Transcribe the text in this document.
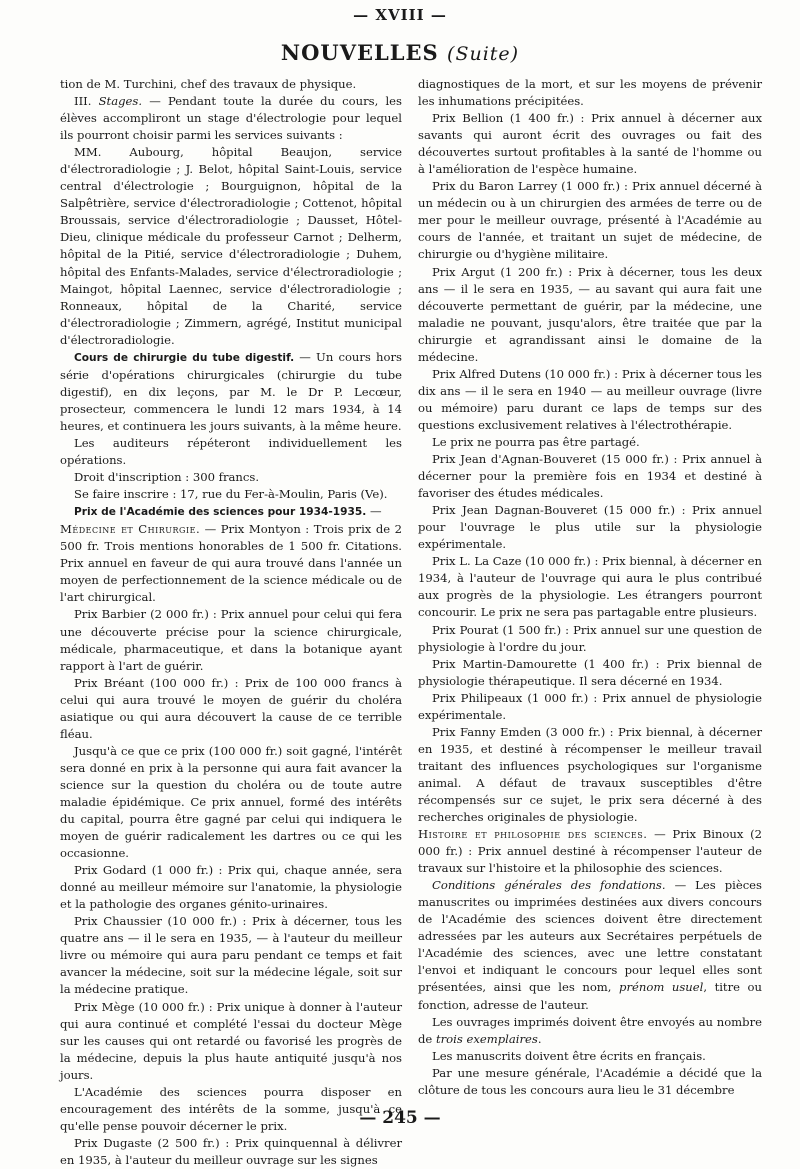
— XVIII —
NOUVELLES (Suite)

tion de M. Turchini, chef des travaux de physique.

III. Stages. — Pendant toute la durée du cours, les élèves accompliront un stage d'électrologie pour lequel ils pourront choisir parmi les services suivants :

MM. Aubourg, hôpital Beaujon, service d'électroradiologie ; J. Belot, hôpital Saint-Louis, service central d'électrologie ; Bourguignon, hôpital de la Salpêtrière, service d'électroradiologie ; Cottenot, hôpital Broussais, service d'électroradiologie ; Dausset, Hôtel-Dieu, clinique médicale du professeur Carnot ; Delherm, hôpital de la Pitié, service d'électroradiologie ; Duhem, hôpital des Enfants-Malades, service d'électroradiologie ; Maingot, hôpital Laennec, service d'électroradiologie ; Ronneaux, hôpital de la Charité, service d'électroradiologie ; Zimmern, agrégé, Institut municipal d'électroradiologie.

Cours de chirurgie du tube digestif. — Un cours hors série d'opérations chirurgicales (chirurgie du tube digestif), en dix leçons, par M. le Dr P. Lecœur, prosecteur, commencera le lundi 12 mars 1934, à 14 heures, et continuera les jours suivants, à la même heure.

Les auditeurs répéteront individuellement les opérations.

Droit d'inscription : 300 francs.

Se faire inscrire : 17, rue du Fer-à-Moulin, Paris (Ve).

Prix de l'Académie des sciences pour 1934-1935. —

Médecine et Chirurgie. — Prix Montyon : Trois prix de 2 500 fr. Trois mentions honorables de 1 500 fr. Citations. Prix annuel en faveur de qui aura trouvé dans l'année un moyen de perfectionnement de la science médicale ou de l'art chirurgical.

Prix Barbier (2 000 fr.) : Prix annuel pour celui qui fera une découverte précise pour la science chirurgicale, médicale, pharmaceutique, et dans la botanique ayant rapport à l'art de guérir.

Prix Bréant (100 000 fr.) : Prix de 100 000 francs à celui qui aura trouvé le moyen de guérir du choléra asiatique ou qui aura découvert la cause de ce terrible fléau.

Jusqu'à ce que ce prix (100 000 fr.) soit gagné, l'intérêt sera donné en prix à la personne qui aura fait avancer la science sur la question du choléra ou de toute autre maladie épidémique. Ce prix annuel, formé des intérêts du capital, pourra être gagné par celui qui indiquera le moyen de guérir radicalement les dartres ou ce qui les occasionne.

Prix Godard (1 000 fr.) : Prix qui, chaque année, sera donné au meilleur mémoire sur l'anatomie, la physiologie et la pathologie des organes génito-urinaires.

Prix Chaussier (10 000 fr.) : Prix à décerner, tous les quatre ans — il le sera en 1935, — à l'auteur du meilleur livre ou mémoire qui aura paru pendant ce temps et fait avancer la médecine, soit sur la médecine légale, soit sur la médecine pratique.

Prix Mège (10 000 fr.) : Prix unique à donner à l'auteur qui aura continué et complété l'essai du docteur Mège sur les causes qui ont retardé ou favorisé les progrès de la médecine, depuis la plus haute antiquité jusqu'à nos jours.

L'Académie des sciences pourra disposer en encouragement des intérêts de la somme, jusqu'à ce qu'elle pense pouvoir décerner le prix.

Prix Dugaste (2 500 fr.) : Prix quinquennal à délivrer en 1935, à l'auteur du meilleur ouvrage sur les signes

diagnostiques de la mort, et sur les moyens de prévenir les inhumations précipitées.

Prix Bellion (1 400 fr.) : Prix annuel à décerner aux savants qui auront écrit des ouvrages ou fait des découvertes surtout profitables à la santé de l'homme ou à l'amélioration de l'espèce humaine.

Prix du Baron Larrey (1 000 fr.) : Prix annuel décerné à un médecin ou à un chirurgien des armées de terre ou de mer pour le meilleur ouvrage, présenté à l'Académie au cours de l'année, et traitant un sujet de médecine, de chirurgie ou d'hygiène militaire.

Prix Argut (1 200 fr.) : Prix à décerner, tous les deux ans — il le sera en 1935, — au savant qui aura fait une découverte permettant de guérir, par la médecine, une maladie ne pouvant, jusqu'alors, être traitée que par la chirurgie et agrandissant ainsi le domaine de la médecine.

Prix Alfred Dutens (10 000 fr.) : Prix à décerner tous les dix ans — il le sera en 1940 — au meilleur ouvrage (livre ou mémoire) paru durant ce laps de temps sur des questions exclusivement relatives à l'électrothérapie.

Le prix ne pourra pas être partagé.

Prix Jean d'Agnan-Bouveret (15 000 fr.) : Prix annuel à décerner pour la première fois en 1934 et destiné à favoriser des études médicales.

Prix Jean Dagnan-Bouveret (15 000 fr.) : Prix annuel pour l'ouvrage le plus utile sur la physiologie expérimentale.

Prix L. La Caze (10 000 fr.) : Prix biennal, à décerner en 1934, à l'auteur de l'ouvrage qui aura le plus contribué aux progrès de la physiologie. Les étrangers pourront concourir. Le prix ne sera pas partagable entre plusieurs.

Prix Pourat (1 500 fr.) : Prix annuel sur une question de physiologie à l'ordre du jour.

Prix Martin-Damourette (1 400 fr.) : Prix biennal de physiologie thérapeutique. Il sera décerné en 1934.

Prix Philipeaux (1 000 fr.) : Prix annuel de physiologie expérimentale.

Prix Fanny Emden (3 000 fr.) : Prix biennal, à décerner en 1935, et destiné à récompenser le meilleur travail traitant des influences psychologiques sur l'organisme animal. A défaut de travaux susceptibles d'être récompensés sur ce sujet, le prix sera décerné à des recherches originales de physiologie.

Histoire et philosophie des sciences. — Prix Binoux (2 000 fr.) : Prix annuel destiné à récompenser l'auteur de travaux sur l'histoire et la philosophie des sciences.

Conditions générales des fondations. — Les pièces manuscrites ou imprimées destinées aux divers concours de l'Académie des sciences doivent être directement adressées par les auteurs aux Secrétaires perpétuels de l'Académie des sciences, avec une lettre constatant l'envoi et indiquant le concours pour lequel elles sont présentées, ainsi que les nom, prénom usuel, titre ou fonction, adresse de l'auteur.

Les ouvrages imprimés doivent être envoyés au nombre de trois exemplaires.

Les manuscrits doivent être écrits en français.

Par une mesure générale, l'Académie a décidé que la clôture de tous les concours aura lieu le 31 décembre

— 245 —
